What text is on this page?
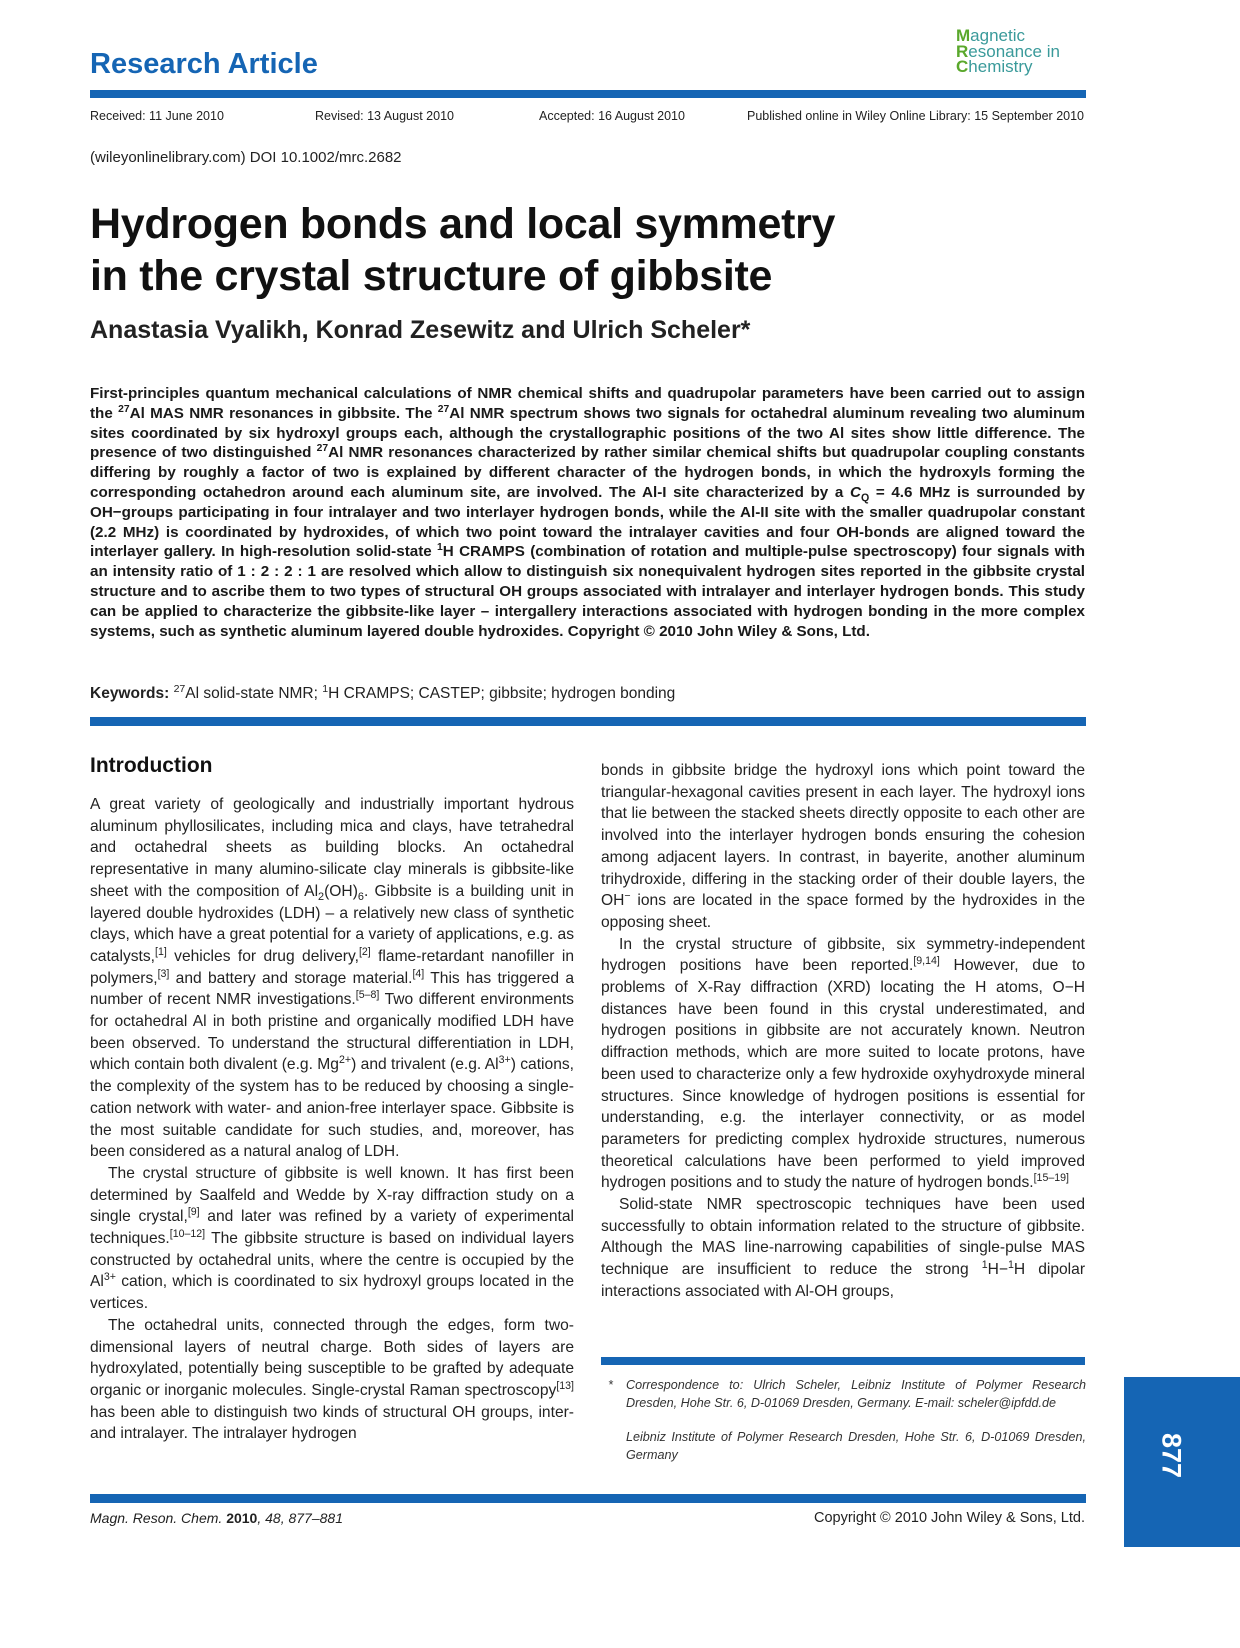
Research Article
Magnetic
Resonance in
Chemistry
Received: 11 June 2010	Revised: 13 August 2010	Accepted: 16 August 2010	Published online in Wiley Online Library: 15 September 2010
(wileyonlinelibrary.com) DOI 10.1002/mrc.2682
Hydrogen bonds and local symmetry
in the crystal structure of gibbsite
Anastasia Vyalikh, Konrad Zesewitz and Ulrich Scheler*
First-principles quantum mechanical calculations of NMR chemical shifts and quadrupolar parameters have been carried out to assign the $^{27}$Al MAS NMR resonances in gibbsite. The $^{27}$Al NMR spectrum shows two signals for octahedral aluminum revealing two aluminum sites coordinated by six hydroxyl groups each, although the crystallographic positions of the two Al sites show little difference. The presence of two distinguished $^{27}$Al NMR resonances characterized by rather similar chemical shifts but quadrupolar coupling constants differing by roughly a factor of two is explained by different character of the hydrogen bonds, in which the hydroxyls forming the corresponding octahedron around each aluminum site, are involved. The Al-I site characterized by a $C_Q = 4.6$ MHz is surrounded by OH−groups participating in four intralayer and two interlayer hydrogen bonds, while the Al-II site with the smaller quadrupolar constant (2.2 MHz) is coordinated by hydroxides, of which two point toward the intralayer cavities and four OH-bonds are aligned toward the interlayer gallery. In high-resolution solid-state $^1$H CRAMPS (combination of rotation and multiple-pulse spectroscopy) four signals with an intensity ratio of 1 : 2 : 2 : 1 are resolved which allow to distinguish six nonequivalent hydrogen sites reported in the gibbsite crystal structure and to ascribe them to two types of structural OH groups associated with intralayer and interlayer hydrogen bonds. This study can be applied to characterize the gibbsite-like layer – intergallery interactions associated with hydrogen bonding in the more complex systems, such as synthetic aluminum layered double hydroxides. Copyright © 2010 John Wiley & Sons, Ltd.
Keywords: $^{27}$Al solid-state NMR; $^1$H CRAMPS; CASTEP; gibbsite; hydrogen bonding
Introduction

A great variety of geologically and industrially important hydrous aluminum phyllosilicates, including mica and clays, have tetrahedral and octahedral sheets as building blocks. An octahedral representative in many alumino-silicate clay minerals is gibbsite-like sheet with the composition of $Al_2(OH)_6$. Gibbsite is a building unit in layered double hydroxides (LDH) – a relatively new class of synthetic clays, which have a great potential for a variety of applications, e.g. as catalysts,[1] vehicles for drug delivery,[2] flame-retardant nanofiller in polymers,[3] and battery and storage material.[4] This has triggered a number of recent NMR investigations.[5–8] Two different environments for octahedral Al in both pristine and organically modified LDH have been observed. To understand the structural differentiation in LDH, which contain both divalent (e.g. $Mg^{2+}$) and trivalent (e.g. $Al^{3+}$) cations, the complexity of the system has to be reduced by choosing a single-cation network with water- and anion-free interlayer space. Gibbsite is the most suitable candidate for such studies, and, moreover, has been considered as a natural analog of LDH.

The crystal structure of gibbsite is well known. It has first been determined by Saalfeld and Wedde by X-ray diffraction study on a single crystal,[9] and later was refined by a variety of experimental techniques.[10–12] The gibbsite structure is based on individual layers constructed by octahedral units, where the centre is occupied by the $Al^{3+}$ cation, which is coordinated to six hydroxyl groups located in the vertices.

The octahedral units, connected through the edges, form two-dimensional layers of neutral charge. Both sides of layers are hydroxylated, potentially being susceptible to be grafted by adequate organic or inorganic molecules. Single-crystal Raman spectroscopy[13] has been able to distinguish two kinds of structural OH groups, inter- and intralayer. The intralayer hydrogen

bonds in gibbsite bridge the hydroxyl ions which point toward the triangular-hexagonal cavities present in each layer. The hydroxyl ions that lie between the stacked sheets directly opposite to each other are involved into the interlayer hydrogen bonds ensuring the cohesion among adjacent layers. In contrast, in bayerite, another aluminum trihydroxide, differing in the stacking order of their double layers, the OH− ions are located in the space formed by the hydroxides in the opposing sheet.

In the crystal structure of gibbsite, six symmetry-independent hydrogen positions have been reported.[9,14] However, due to problems of X-Ray diffraction (XRD) locating the H atoms, O−H distances have been found in this crystal underestimated, and hydrogen positions in gibbsite are not accurately known. Neutron diffraction methods, which are more suited to locate protons, have been used to characterize only a few hydroxide oxyhydroxyde mineral structures. Since knowledge of hydrogen positions is essential for understanding, e.g. the interlayer connectivity, or as model parameters for predicting complex hydroxide structures, numerous theoretical calculations have been performed to yield improved hydrogen positions and to study the nature of hydrogen bonds.[15–19]

Solid-state NMR spectroscopic techniques have been used successfully to obtain information related to the structure of gibbsite. Although the MAS line-narrowing capabilities of single-pulse MAS technique are insufficient to reduce the strong $^1$H−$^1$H dipolar interactions associated with Al-OH groups,

* Correspondence to: Ulrich Scheler, Leibniz Institute of Polymer Research Dresden, Hohe Str. 6, D-01069 Dresden, Germany. E-mail: scheler@ipfdd.de
Leibniz Institute of Polymer Research Dresden, Hohe Str. 6, D-01069 Dresden, Germany
Magn. Reson. Chem. 2010, 48, 877–881	Copyright © 2010 John Wiley & Sons, Ltd.
877
